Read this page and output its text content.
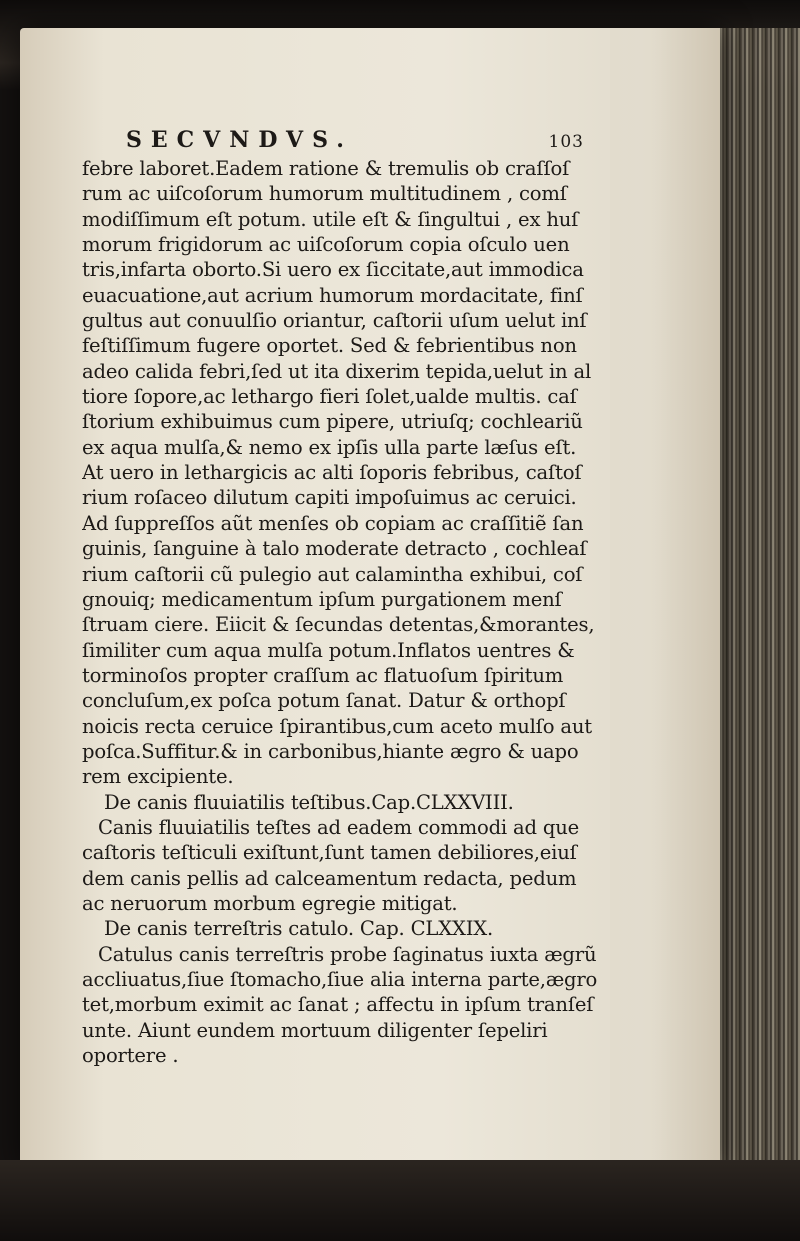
SECVNDVS.	103
febre laboret.Eadem ratione & tremulis ob craſſoſ
rum ac uiſcoſorum humorum multitudinem , comſ
modiſſimum eſt potum. utile eſt & ſingultui , ex huſ
morum frigidorum ac uiſcoſorum copia oſculo uen
tris,infarta oborto.Si uero ex ſiccitate,aut immodica
euacuatione,aut acrium humorum mordacitate, finſ
gultus aut conuulſio oriantur, caſtorii uſum uelut inſ
feſtiſſimum fugere oportet. Sed & febrientibus non
adeo calida febri,ſed ut ita dixerim tepida,uelut in al
tiore ſopore,ac lethargo fieri ſolet,ualde multis. caſ
ſtorium exhibuimus cum pipere, utriuſq; cochleariũ
ex aqua mulſa,& nemo ex ipſis ulla parte læſus eſt.
At uero in lethargicis ac alti ſoporis febribus, caſtoſ
rium roſaceo dilutum capiti impoſuimus ac ceruici.
Ad ſuppreſſos aũt menſes ob copiam ac craſſitiẽ ſan
guinis, ſanguine à talo moderate detracto , cochleaſ
rium caſtorii cũ pulegio aut calamintha exhibui, coſ
gnouiq; medicamentum ipſum purgationem menſ
ſtruam ciere. Eiicit & ſecundas detentas,&morantes,
ſimiliter cum aqua mulſa potum.Inflatos uentres &
torminoſos propter craſſum ac flatuoſum ſpiritum
concluſum,ex poſca potum ſanat. Datur & orthopſ
noicis recta ceruice ſpirantibus,cum aceto mulſo aut
poſca.Suffitur.& in carbonibus,hiante ægro & uapo
rem excipiente.
De canis fluuiatilis teſtibus.Cap.CLXXVIII.
Canis fluuiatilis teſtes ad eadem commodi ad que
caſtoris teſticuli exiſtunt,ſunt tamen debiliores,eiuſ
dem canis pellis ad calceamentum redacta, pedum
ac neruorum morbum egregie mitigat.
De canis terreſtris catulo. Cap. CLXXIX.
Catulus canis terreſtris probe ſaginatus iuxta ægrũ
accliuatus,ſiue ſtomacho,ſiue alia interna parte,ægro
tet,morbum eximit ac ſanat ; affectu in ipſum tranſeſ
unte. Aiunt eundem mortuum diligenter ſepeliri
oportere .
